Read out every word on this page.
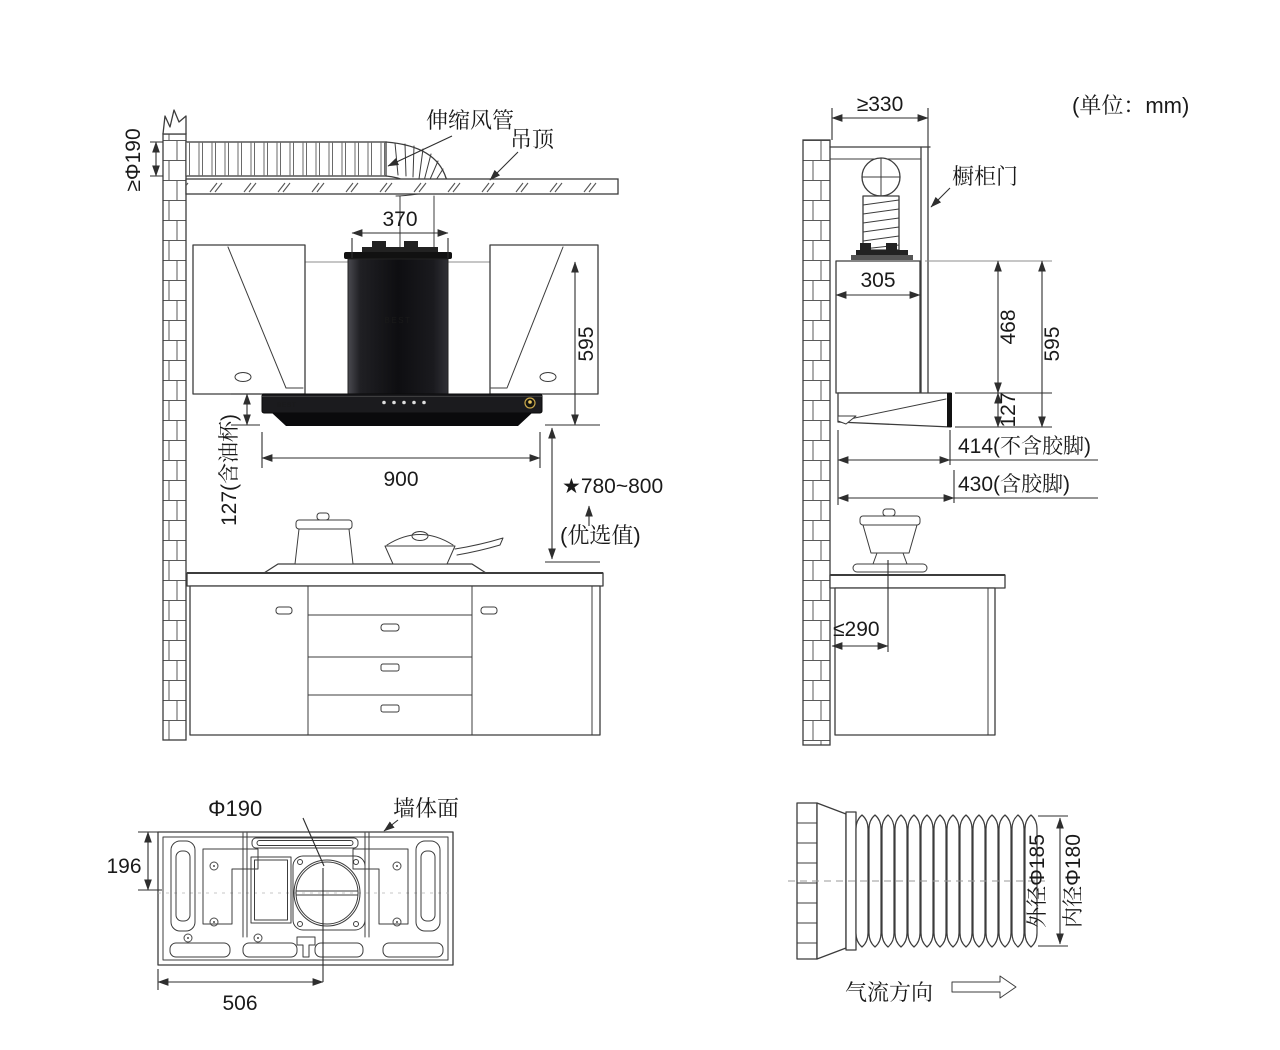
伸缩风管
吊顶
≥Φ190
BEST
BEST
370
595
127(含油杯)	900	★780~800
(优选值)
≥330
橱柜门
305
468
127
595
414(不含胶脚)
430(含胶脚)
≤290
Φ190	墙体面
196
506
外径Φ185 内径Φ180
气流方向
(单位：mm)
